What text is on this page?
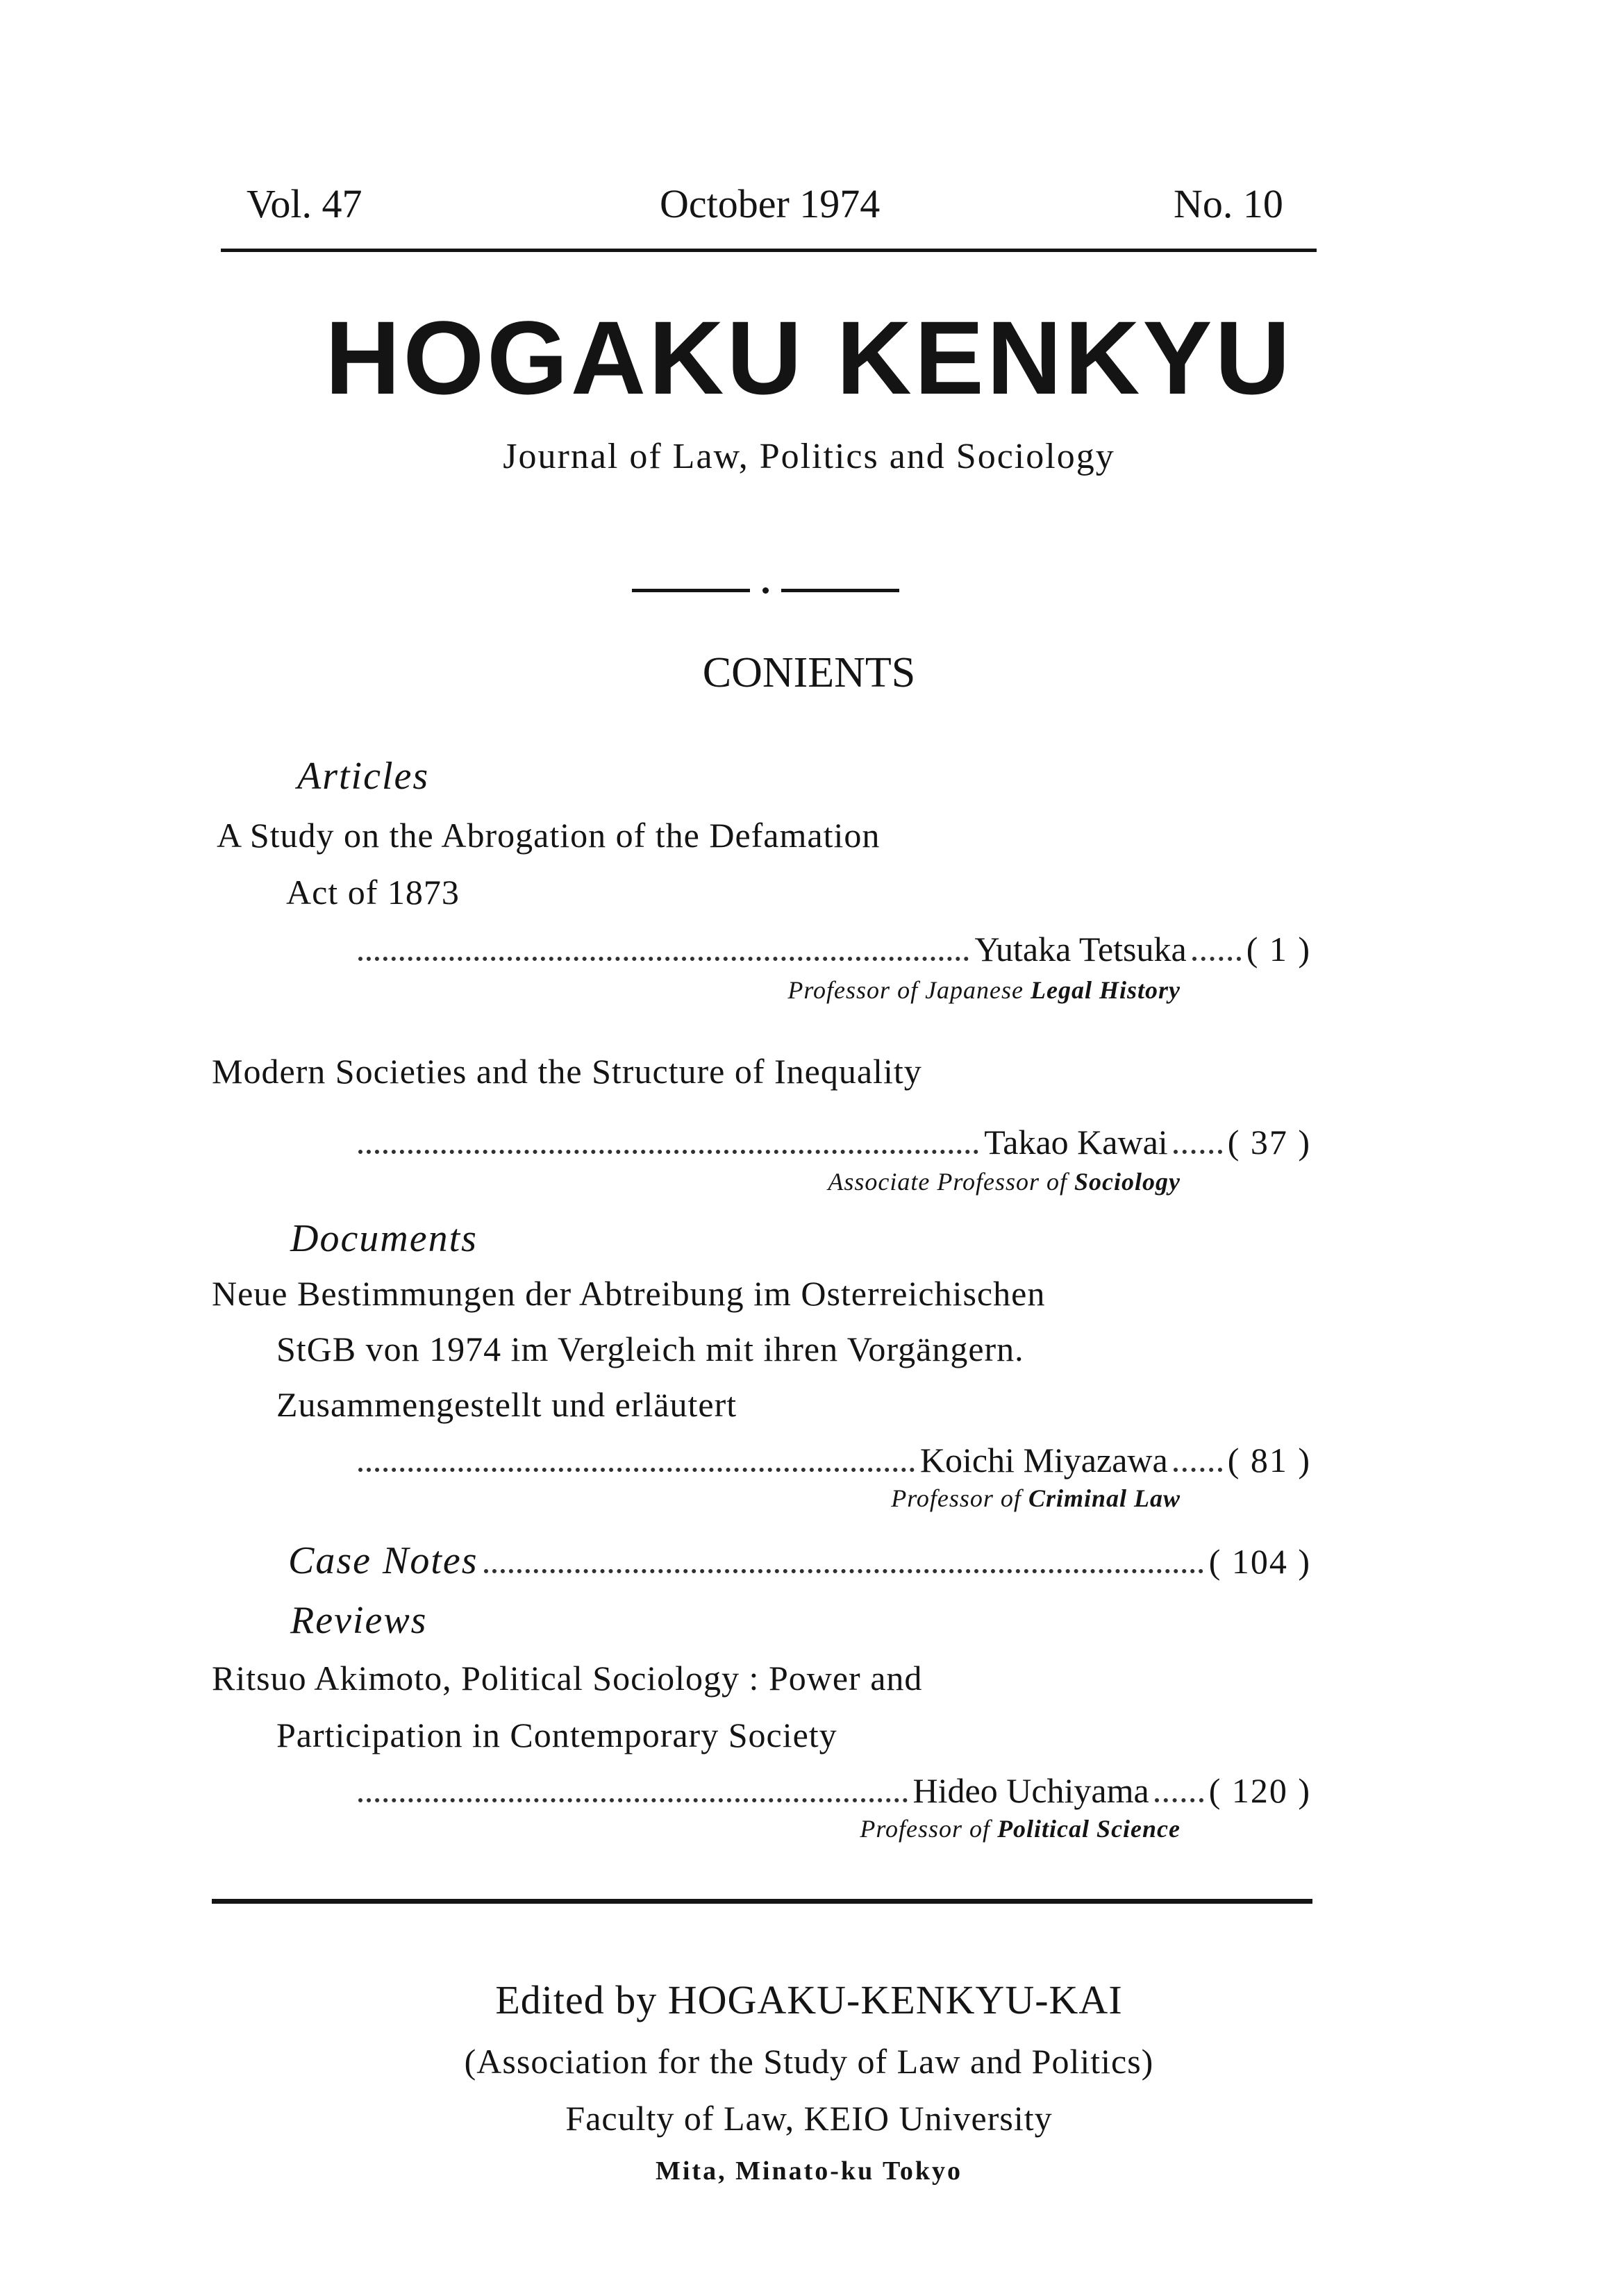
Vol. 47	October 1974	No. 10
HOGAKU KENKYU
Journal of Law, Politics and Sociology
CONIENTS
Articles
A Study on the Abrogation of the Defamation
Act of 1873
Yutaka Tetsuka ( 1 )
Professor of Japanese Legal History
Modern Societies and the Structure of Inequality
Takao Kawai ( 37 )
Associate Professor of Sociology
Documents
Neue Bestimmungen der Abtreibung im Osterreichischen
StGB von 1974 im Vergleich mit ihren Vorgängern.
Zusammengestellt und erläutert
Koichi Miyazawa ( 81 )
Professor of Criminal Law
Case Notes	( 104 )
Reviews
Ritsuo Akimoto, Political Sociology : Power and
Participation in Contemporary Society
Hideo Uchiyama ( 120 )
Professor of Political Science
Edited by HOGAKU-KENKYU-KAI
(Association for the Study of Law and Politics)
Faculty of Law, KEIO University
Mita, Minato-ku Tokyo
